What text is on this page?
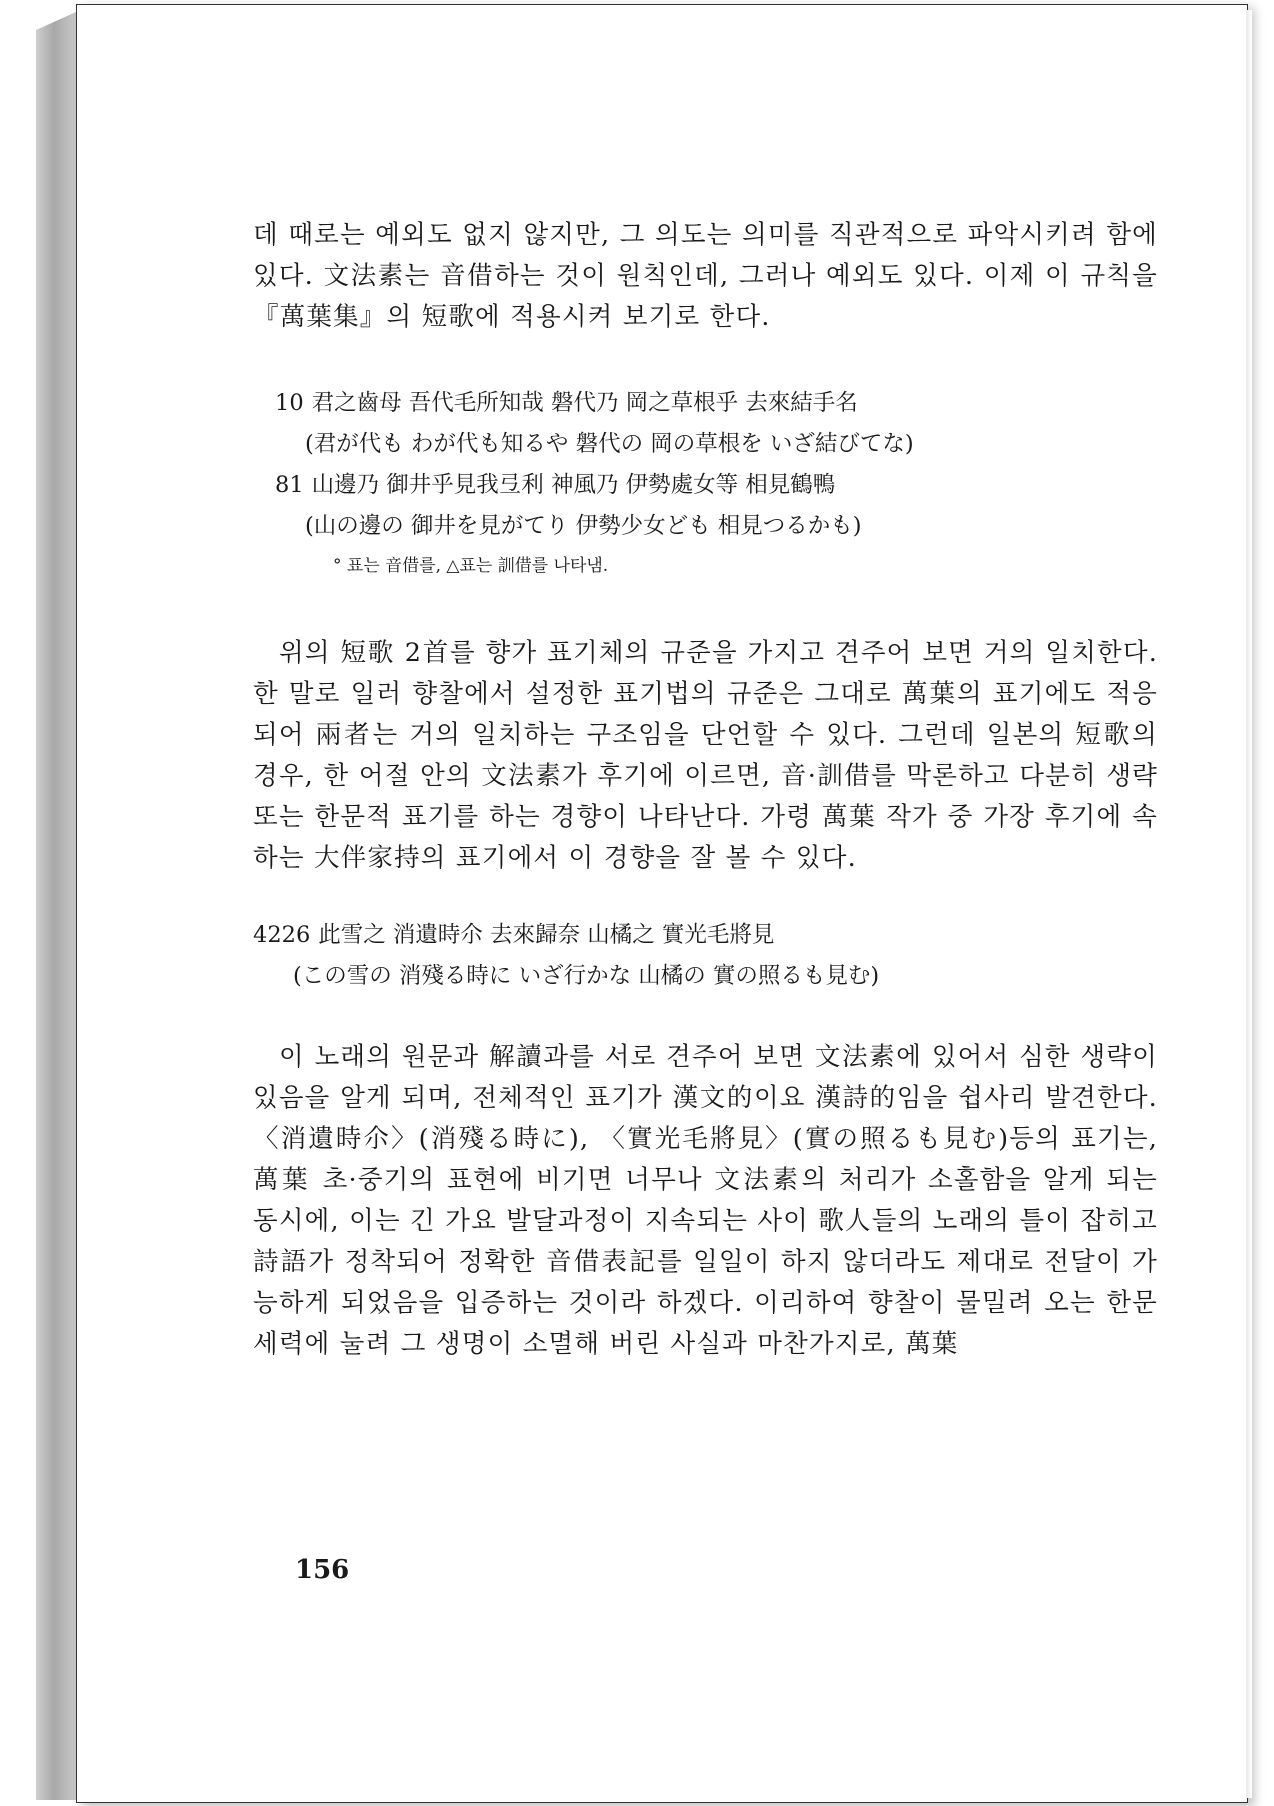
데 때로는 예외도 없지 않지만, 그 의도는 의미를 직관적으로 파악시키려 함에 있다. 文法素는 音借하는 것이 원칙인데, 그러나 예외도 있다. 이제 이 규칙을『萬葉集』의 短歌에 적용시켜 보기로 한다.

10 君之齒母 吾代毛所知哉 磐代乃 岡之草根乎 去來結手名
(君が代も わが代も知るや 磐代の 岡の草根を いざ結びてな)
81 山邊乃 御井乎見我弖利 神風乃 伊勢處女等 相見鶴鴨
(山の邊の 御井を見がてり 伊勢少女ども 相見つるかも)
° 표는 音借를, △표는 訓借를 나타냄.

위의 短歌 2首를 향가 표기체의 규준을 가지고 견주어 보면 거의 일치한다. 한 말로 일러 향찰에서 설정한 표기법의 규준은 그대로 萬葉의 표기에도 적응되어 兩者는 거의 일치하는 구조임을 단언할 수 있다. 그런데 일본의 短歌의 경우, 한 어절 안의 文法素가 후기에 이르면, 音·訓借를 막론하고 다분히 생략 또는 한문적 표기를 하는 경향이 나타난다. 가령 萬葉 작가 중 가장 후기에 속하는 大伴家持의 표기에서 이 경향을 잘 볼 수 있다.

4226 此雪之 消遺時尒 去來歸奈 山橘之 實光毛將見
(この雪の 消殘る時に いざ行かな 山橘の 實の照るも見む)

이 노래의 원문과 解讀과를 서로 견주어 보면 文法素에 있어서 심한 생략이 있음을 알게 되며, 전체적인 표기가 漢文的이요 漢詩的임을 쉽사리 발견한다. 〈消遺時尒〉(消殘る時に), 〈實光毛將見〉(實の照るも見む)등의 표기는, 萬葉 초·중기의 표현에 비기면 너무나 文法素의 처리가 소홀함을 알게 되는 동시에, 이는 긴 가요 발달과정이 지속되는 사이 歌人들의 노래의 틀이 잡히고 詩語가 정착되어 정확한 音借表記를 일일이 하지 않더라도 제대로 전달이 가능하게 되었음을 입증하는 것이라 하겠다. 이리하여 향찰이 물밀려 오는 한문 세력에 눌려 그 생명이 소멸해 버린 사실과 마찬가지로, 萬葉

156
